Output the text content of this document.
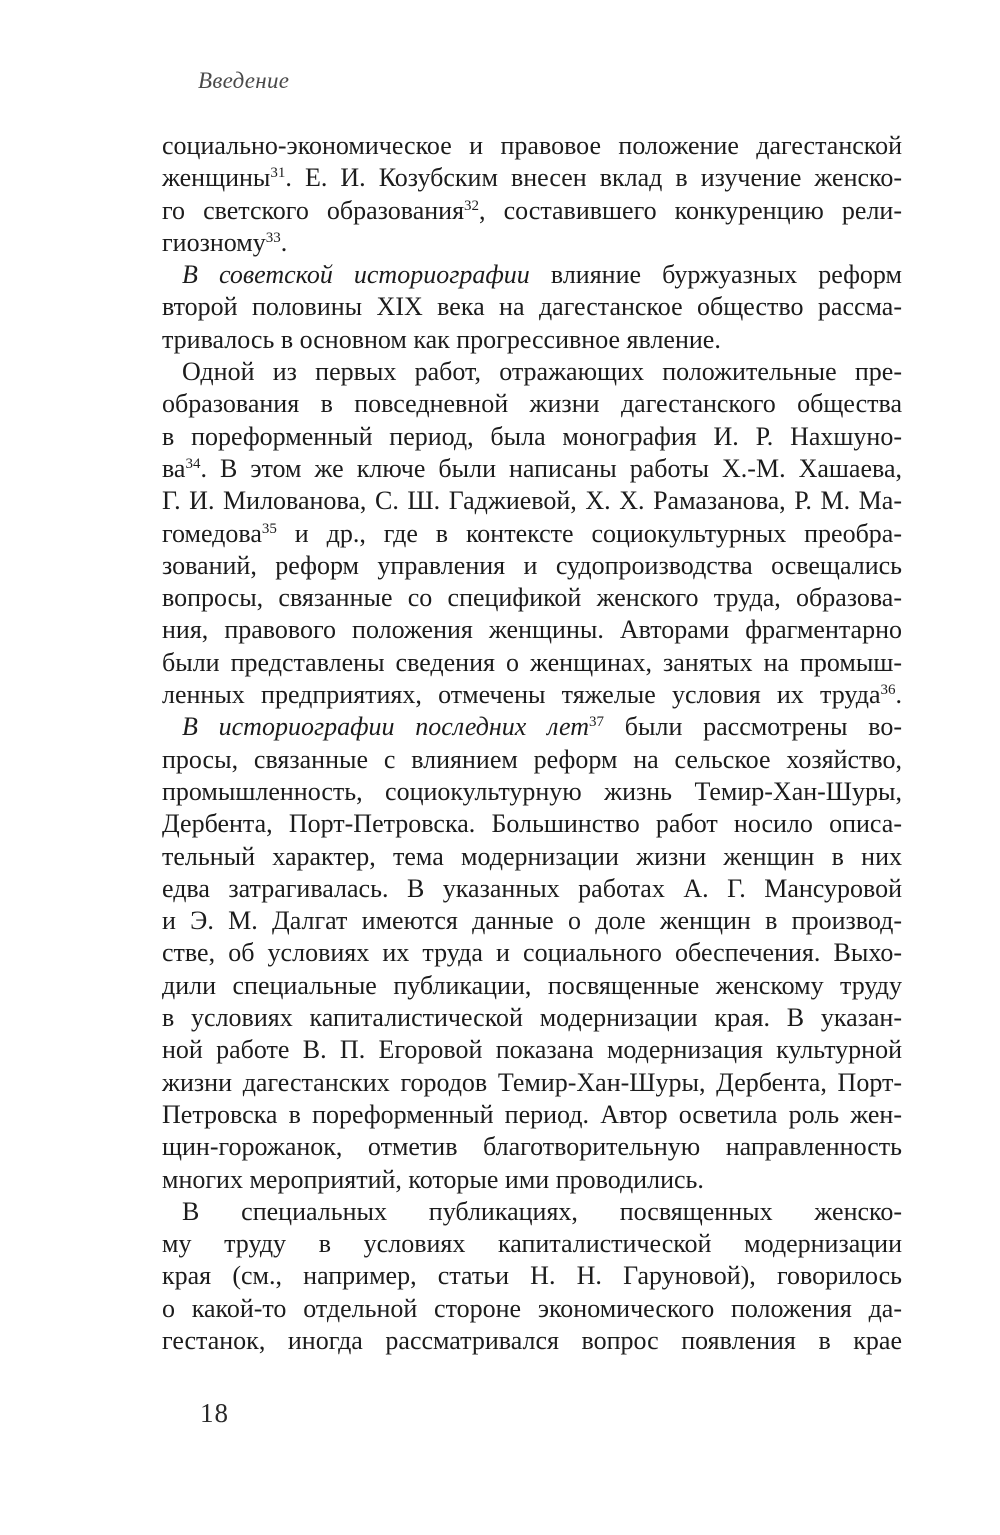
Введение
социально-экономическое и правовое положение дагестанской
женщины$^{31}$. Е. И. Козубским внесен вклад в изучение женско-
го светского образования$^{32}$, составившего конкуренцию рели-
гиозному$^{33}$.
В советской историографии влияние буржуазных реформ
второй половины XIX века на дагестанское общество рассма-
тривалось в основном как прогрессивное явление.
Одной из первых работ, отражающих положительные пре-
образования в повседневной жизни дагестанского общества
в пореформенный период, была монография И. Р. Нахшуно-
$ва^{34}$. В этом же ключе были написаны работы Х.-М. Хашаева,
Г. И. Милованова, С. Ш. Гаджиевой, Х. Х. Рамазанова, Р. М. Ма-
гомедова$^{35}$ и др., где в контексте социокультурных преобра-
зований, реформ управления и судопроизводства освещались
вопросы, связанные со спецификой женского труда, образова-
ния, правового положения женщины. Авторами фрагментарно
были представлены сведения о женщинах, занятых на промыш-
ленных предприятиях, отмечены тяжелые условия их труда$^{36}$.
В историографии последних лет$^{37}$ были рассмотрены во-
просы, связанные с влиянием реформ на сельское хозяйство,
промышленность, социокультурную жизнь Темир-Хан-Шуры,
Дербента, Порт-Петровска. Большинство работ носило описа-
тельный характер, тема модернизации жизни женщин в них
едва затрагивалась. В указанных работах А. Г. Мансуровой
и Э. М. Далгат имеются данные о доле женщин в производ-
стве, об условиях их труда и социального обеспечения. Выхо-
дили специальные публикации, посвященные женскому труду
в условиях капиталистической модернизации края. В указан-
ной работе В. П. Егоровой показана модернизация культурной
жизни дагестанских городов Темир-Хан-Шуры, Дербента, Порт-
Петровска в пореформенный период. Автор осветила роль жен-
щин-горожанок, отметив благотворительную направленность
многих мероприятий, которые ими проводились.
В специальных публикациях, посвященных женско-
му труду в условиях капиталистической модернизации
края (см., например, статьи Н. Н. Гаруновой), говорилось
о какой-то отдельной стороне экономического положения да-
гестанок, иногда рассматривался вопрос появления в крае
18
